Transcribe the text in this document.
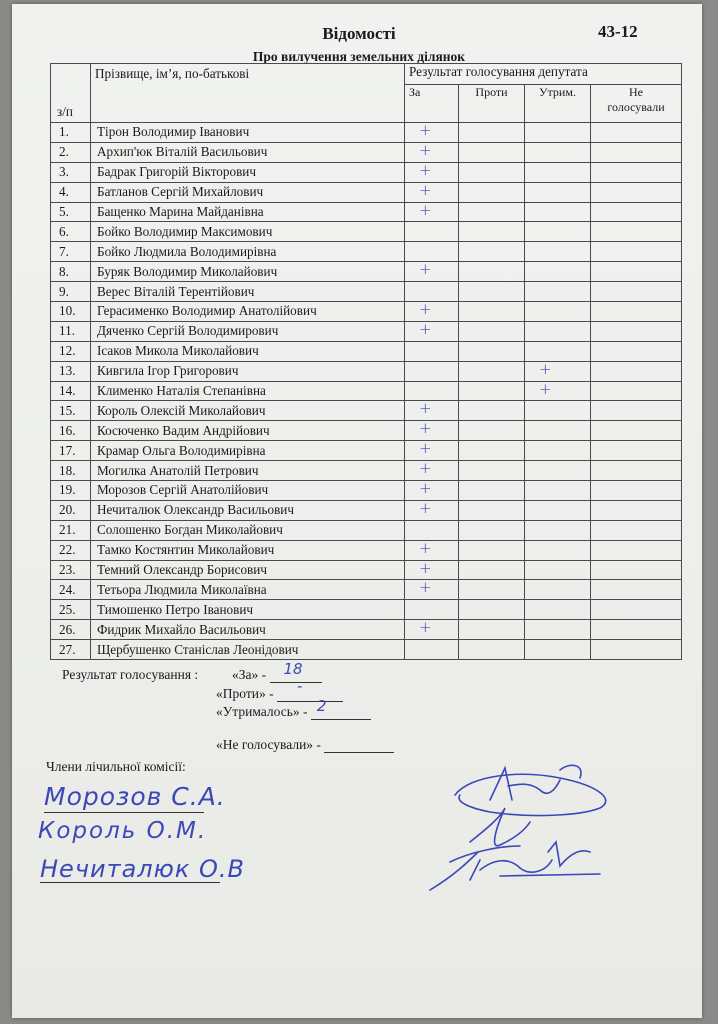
Відомості	43-12
Про вилучення земельних ділянок
з/п	Прізвище, ім’я, по-батькові	Результат голосування депутата			
		За	Проти	Утрим.	Не
голосували
1.	Тірон Володимир Іванович	+			

2.	Архип'юк Віталій Васильович	+			

3.	Бадрак Григорій Вікторович	+			

4.	Батланов Сергій Михайлович	+			

5.	Бащенко Марина Майданівна	+			

6.	Бойко Володимир Максимович				
7.	Бойко Людмила Володимирівна				
8.	Буряк Володимир Миколайович	+			

9.	Верес Віталій Терентійович				
10.	Герасименко Володимир Анатолійович	+			

11.	Дяченко Сергій Володимирович	+			

12.	Ісаков Микола Миколайович				
13.	Кивгила Ігор Григорович			+	

14.	Клименко Наталія Степанівна			+	

15.	Король Олексій Миколайович	+			

16.	Косюченко Вадим Андрійович	+			

17.	Крамар Ольга Володимирівна	+			

18.	Могилка Анатолій Петрович	+			

19.	Морозов Сергій Анатолійович	+			

20.	Нечиталюк Олександр Васильович	+			

21.	Солошенко Богдан Миколайович				
22.	Тамко Костянтин Миколайович	+			

23.	Темний Олександр Борисович	+			

24.	Тетьора Людмила Миколаївна	+			

25.	Тимошенко Петро Іванович				
26.	Фидрик Михайло Васильович	+			

27.	Щербушенко Станіслав Леонідович				
Результат голосування :	«За» - 18
«Проти» - -
«Утрималось» - 2
«Не голосували» -
Члени лічильної комісії:
Морозов С.А.
Король О.М.
Нечиталюк О.В
